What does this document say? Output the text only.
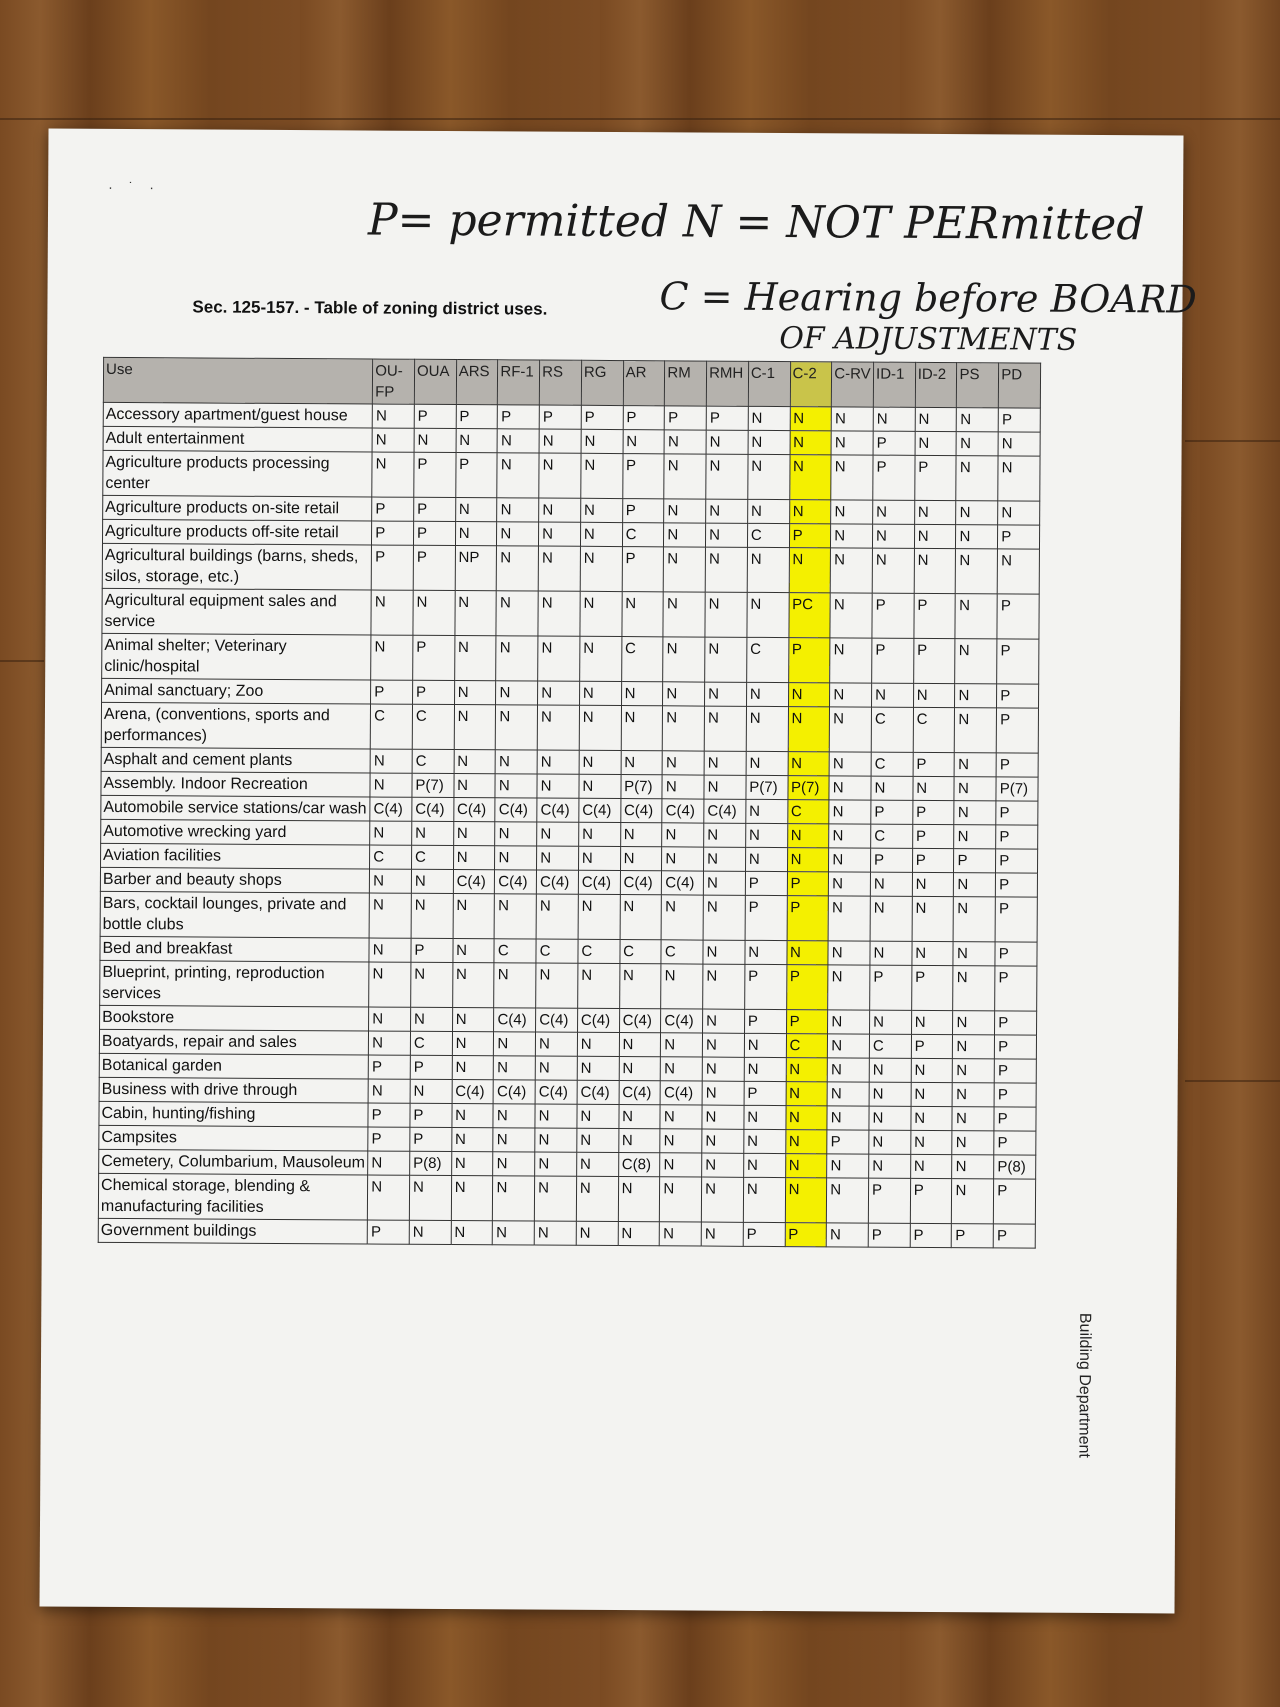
· ˙ ·
P= permitted N = NOT PERmitted
C = Hearing before BOARD
OF ADJUSTMENTS
Sec. 125-157. - Table of zoning district uses.
Use	OU-FP	OUA	ARS	RF-1	RS	RG	AR	RM	RMH	C-1	C-2	C-RV	ID-1	ID-2	PS	PD
Accessory apartment/guest house	N	P	P	P	P	P	P	P	P	N	N	N	N	N	N	P
Adult entertainment	N	N	N	N	N	N	N	N	N	N	N	N	P	N	N	N
Agriculture products processing center	N	P	P	N	N	N	P	N	N	N	N	N	P	P	N	N
Agriculture products on-site retail	P	P	N	N	N	N	P	N	N	N	N	N	N	N	N	N
Agriculture products off-site retail	P	P	N	N	N	N	C	N	N	C	P	N	N	N	N	P
Agricultural buildings (barns, sheds, silos, storage, etc.)	P	P	NP	N	N	N	P	N	N	N	N	N	N	N	N	N
Agricultural equipment sales and service	N	N	N	N	N	N	N	N	N	N	PC	N	P	P	N	P
Animal shelter; Veterinary clinic/hospital	N	P	N	N	N	N	C	N	N	C	P	N	P	P	N	P
Animal sanctuary; Zoo	P	P	N	N	N	N	N	N	N	N	N	N	N	N	N	P
Arena, (conventions, sports and performances)	C	C	N	N	N	N	N	N	N	N	N	N	C	C	N	P
Asphalt and cement plants	N	C	N	N	N	N	N	N	N	N	N	N	C	P	N	P
Assembly. Indoor Recreation	N	P(7)	N	N	N	N	P(7)	N	N	P(7)	P(7)	N	N	N	N	P(7)
Automobile service stations/car wash	C(4)	C(4)	C(4)	C(4)	C(4)	C(4)	C(4)	C(4)	C(4)	N	C	N	P	P	N	P
Automotive wrecking yard	N	N	N	N	N	N	N	N	N	N	N	N	C	P	N	P
Aviation facilities	C	C	N	N	N	N	N	N	N	N	N	N	P	P	P	P
Barber and beauty shops	N	N	C(4)	C(4)	C(4)	C(4)	C(4)	C(4)	N	P	P	N	N	N	N	P
Bars, cocktail lounges, private and bottle clubs	N	N	N	N	N	N	N	N	N	P	P	N	N	N	N	P
Bed and breakfast	N	P	N	C	C	C	C	C	N	N	N	N	N	N	N	P
Blueprint, printing, reproduction services	N	N	N	N	N	N	N	N	N	P	P	N	P	P	N	P
Bookstore	N	N	N	C(4)	C(4)	C(4)	C(4)	C(4)	N	P	P	N	N	N	N	P
Boatyards, repair and sales	N	C	N	N	N	N	N	N	N	N	C	N	C	P	N	P
Botanical garden	P	P	N	N	N	N	N	N	N	N	N	N	N	N	N	P
Business with drive through	N	N	C(4)	C(4)	C(4)	C(4)	C(4)	C(4)	N	P	N	N	N	N	N	P
Cabin, hunting/fishing	P	P	N	N	N	N	N	N	N	N	N	N	N	N	N	P
Campsites	P	P	N	N	N	N	N	N	N	N	N	P	N	N	N	P
Cemetery, Columbarium, Mausoleum	N	P(8)	N	N	N	N	C(8)	N	N	N	N	N	N	N	N	P(8)
Chemical storage, blending & manufacturing facilities	N	N	N	N	N	N	N	N	N	N	N	N	P	P	N	P
Government buildings	P	N	N	N	N	N	N	N	N	P	P	N	P	P	P	P
Building Department
